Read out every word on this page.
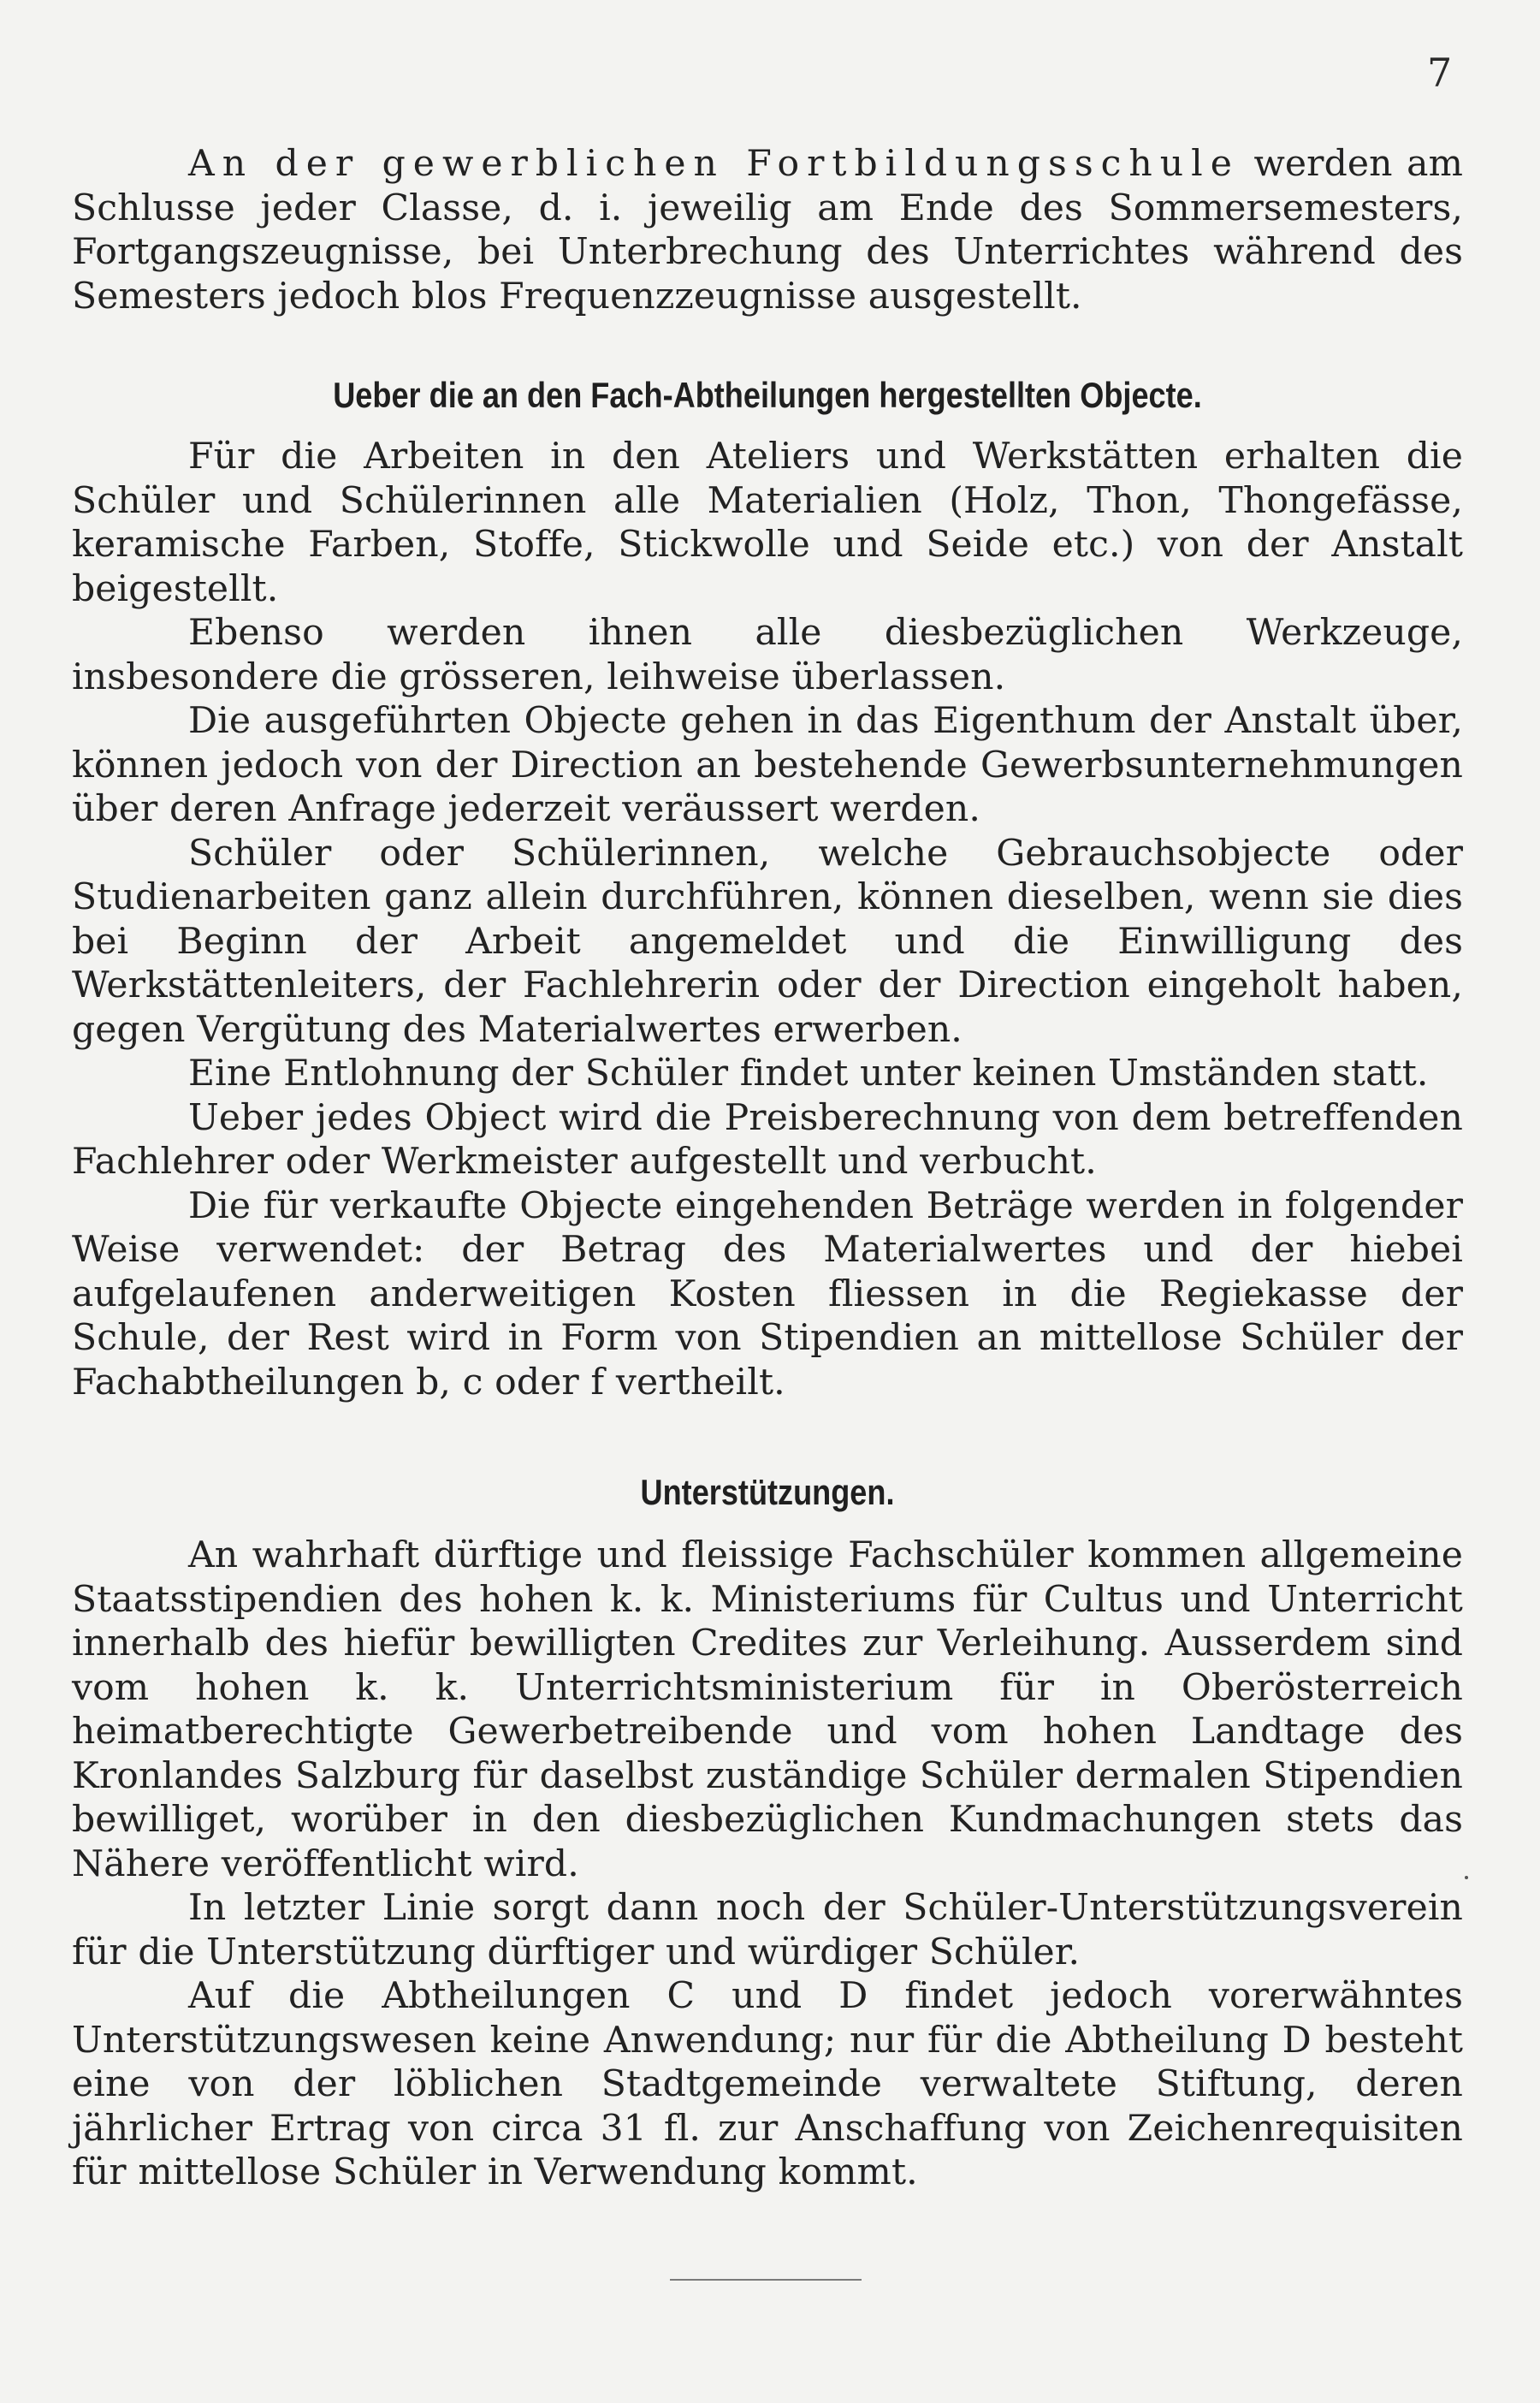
7

An der gewerblichen Fortbildungsschule werden am Schlusse jeder Classe, d. i. jeweilig am Ende des Sommersemesters, Fortgangszeugnisse, bei Unterbrechung des Unterrichtes während des Semesters jedoch blos Frequenzzeugnisse ausgestellt.

Ueber die an den Fach-Abtheilungen hergestellten Objecte.

Für die Arbeiten in den Ateliers und Werkstätten erhalten die Schüler und Schülerinnen alle Materialien (Holz, Thon, Thongefässe, keramische Farben, Stoffe, Stickwolle und Seide etc.) von der Anstalt beigestellt.

Ebenso werden ihnen alle diesbezüglichen Werkzeuge, insbesondere die grösseren, leihweise überlassen.

Die ausgeführten Objecte gehen in das Eigenthum der Anstalt über, können jedoch von der Direction an bestehende Gewerbsunternehmungen über deren Anfrage jederzeit veräussert werden.

Schüler oder Schülerinnen, welche Gebrauchsobjecte oder Studienarbeiten ganz allein durchführen, können dieselben, wenn sie dies bei Beginn der Arbeit angemeldet und die Einwilligung des Werkstättenleiters, der Fachlehrerin oder der Direction eingeholt haben, gegen Vergütung des Materialwertes erwerben.

Eine Entlohnung der Schüler findet unter keinen Umständen statt.

Ueber jedes Object wird die Preisberechnung von dem betreffenden Fachlehrer oder Werkmeister aufgestellt und verbucht.

Die für verkaufte Objecte eingehenden Beträge werden in folgender Weise verwendet: der Betrag des Materialwertes und der hiebei aufgelaufenen anderweitigen Kosten fliessen in die Regiekasse der Schule, der Rest wird in Form von Stipendien an mittellose Schüler der Fachabtheilungen b, c oder f vertheilt.

Unterstützungen.

An wahrhaft dürftige und fleissige Fachschüler kommen allgemeine Staatsstipendien des hohen k. k. Ministeriums für Cultus und Unterricht innerhalb des hiefür bewilligten Credites zur Verleihung. Ausserdem sind vom hohen k. k. Unterrichtsministerium für in Oberösterreich heimatberechtigte Gewerbetreibende und vom hohen Landtage des Kronlandes Salzburg für daselbst zuständige Schüler dermalen Stipendien bewilliget, worüber in den diesbezüglichen Kundmachungen stets das Nähere veröffentlicht wird.

In letzter Linie sorgt dann noch der Schüler-Unterstützungsverein für die Unterstützung dürftiger und würdiger Schüler.

Auf die Abtheilungen C und D findet jedoch vorerwähntes Unterstützungswesen keine Anwendung; nur für die Abtheilung D besteht eine von der löblichen Stadtgemeinde verwaltete Stiftung, deren jährlicher Ertrag von circa 31 fl. zur Anschaffung von Zeichenrequisiten für mittellose Schüler in Verwendung kommt.
